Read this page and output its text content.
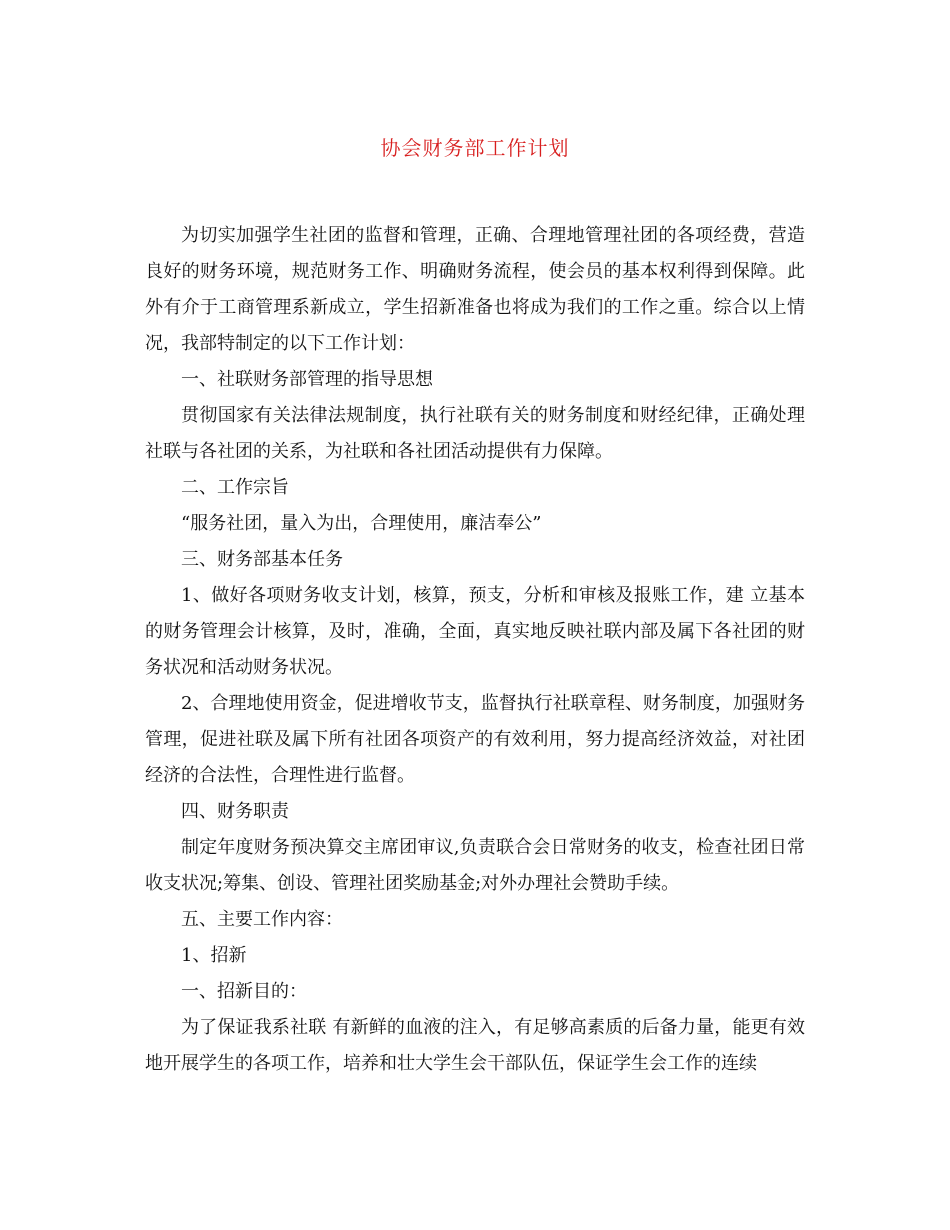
协会财务部工作计划

为切实加强学生社团的监督和管理，正确、合理地管理社团的各项经费，营造良好的财务环境，规范财务工作、明确财务流程，使会员的基本权利得到保障。此外有介于工商管理系新成立，学生招新准备也将成为我们的工作之重。综合以上情况，我部特制定的以下工作计划：

一、社联财务部管理的指导思想

贯彻国家有关法律法规制度，执行社联有关的财务制度和财经纪律，正确处理社联与各社团的关系，为社联和各社团活动提供有力保障。

二、工作宗旨

“服务社团，量入为出，合理使用，廉洁奉公”

三、财务部基本任务

1、做好各项财务收支计划，核算，预支，分析和审核及报账工作，建 立基本的财务管理会计核算，及时，准确，全面，真实地反映社联内部及属下各社团的财务状况和活动财务状况。

2、合理地使用资金，促进增收节支，监督执行社联章程、财务制度，加强财务管理，促进社联及属下所有社团各项资产的有效利用，努力提高经济效益，对社团经济的合法性，合理性进行监督。

四、财务职责

制定年度财务预决算交主席团审议,负责联合会日常财务的收支，检查社团日常收支状况;筹集、创设、管理社团奖励基金;对外办理社会赞助手续。

五、主要工作内容：

1、招新

一、招新目的：

为了保证我系社联 有新鲜的血液的注入，有足够高素质的后备力量，能更有效地开展学生的各项工作，培养和壮大学生会干部队伍，保证学生会工作的连续
